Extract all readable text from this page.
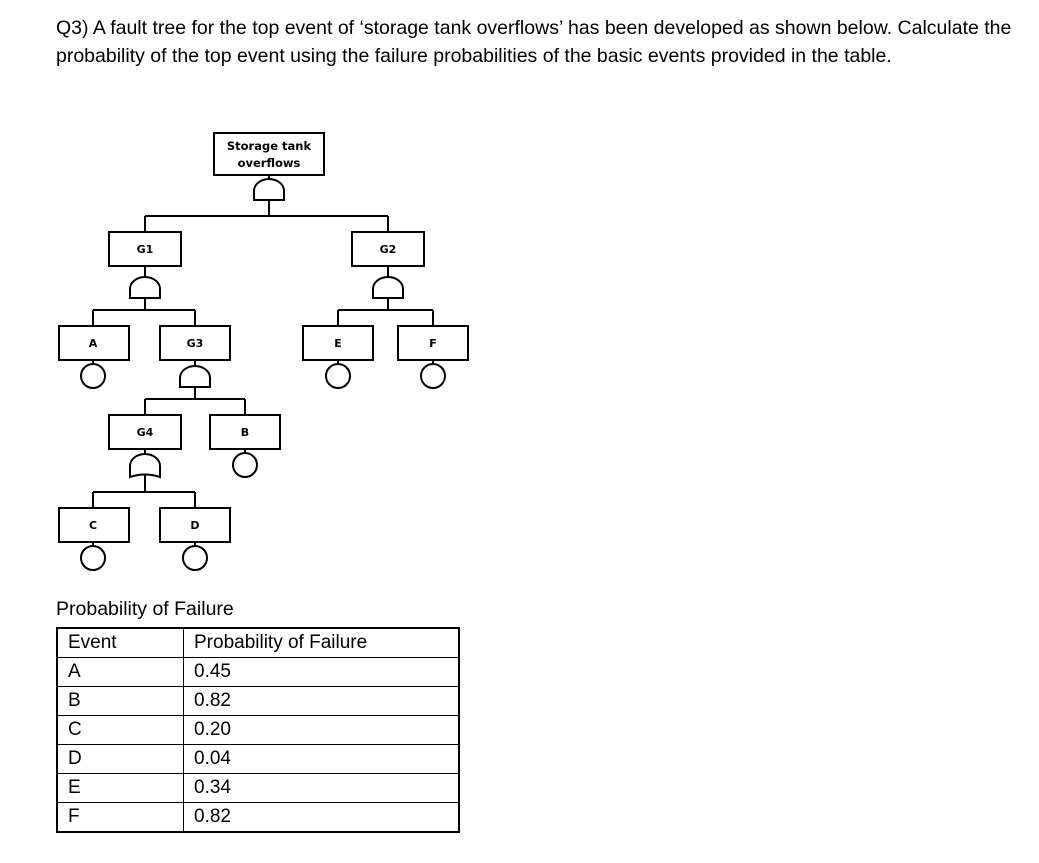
Q3) A fault tree for the top event of ‘storage tank overflows’ has been developed as shown below. Calculate the probability of the top event using the failure probabilities of the basic events provided in the table.

Storage tank
overflows
G1	G2
G3
G4
A	E	F
B
C	D

Probability of Failure

Event	Probability of Failure
A	0.45
B	0.82
C	0.20
D	0.04
E	0.34
F	0.82
